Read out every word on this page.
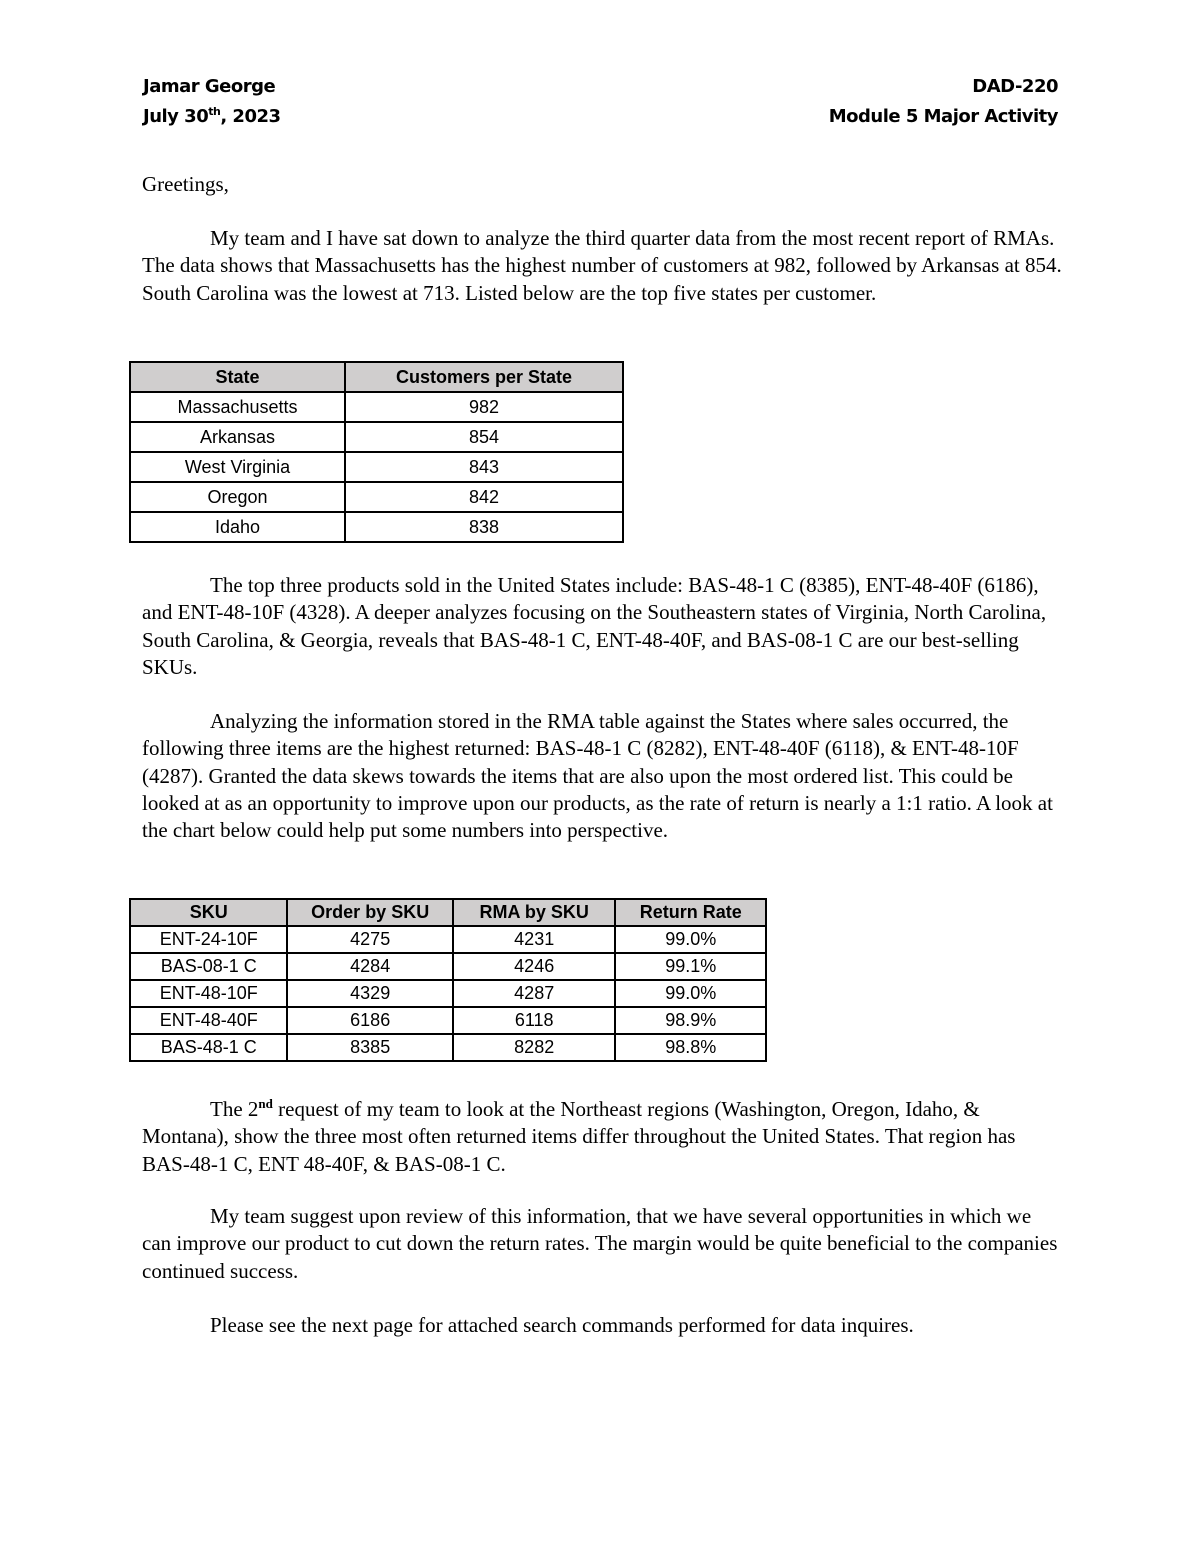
Jamar George
July 30th, 2023
DAD-220
Module 5 Major Activity

Greetings,

My team and I have sat down to analyze the third quarter data from the most recent report of RMAs. The data shows that Massachusetts has the highest number of customers at 982, followed by Arkansas at 854. South Carolina was the lowest at 713. Listed below are the top five states per customer.

State	Customers per State
Massachusetts	982
Arkansas	854
West Virginia	843
Oregon	842
Idaho	838

The top three products sold in the United States include: BAS-48-1 C (8385), ENT-48-40F (6186), and ENT-48-10F (4328). A deeper analyzes focusing on the Southeastern states of Virginia, North Carolina, South Carolina, & Georgia, reveals that BAS-48-1 C, ENT-48-40F, and BAS-08-1 C are our best-selling SKUs.

Analyzing the information stored in the RMA table against the States where sales occurred, the following three items are the highest returned: BAS-48-1 C (8282), ENT-48-40F (6118), & ENT-48-10F (4287). Granted the data skews towards the items that are also upon the most ordered list. This could be looked at as an opportunity to improve upon our products, as the rate of return is nearly a 1:1 ratio. A look at the chart below could help put some numbers into perspective.

SKU	Order by SKU	RMA by SKU	Return Rate
ENT-24-10F	4275	4231	99.0%
BAS-08-1 C	4284	4246	99.1%
ENT-48-10F	4329	4287	99.0%
ENT-48-40F	6186	6118	98.9%
BAS-48-1 C	8385	8282	98.8%

The 2nd request of my team to look at the Northeast regions (Washington, Oregon, Idaho, & Montana), show the three most often returned items differ throughout the United States. That region has BAS-48-1 C, ENT 48-40F, & BAS-08-1 C.

My team suggest upon review of this information, that we have several opportunities in which we can improve our product to cut down the return rates. The margin would be quite beneficial to the companies continued success.

Please see the next page for attached search commands performed for data inquires.
